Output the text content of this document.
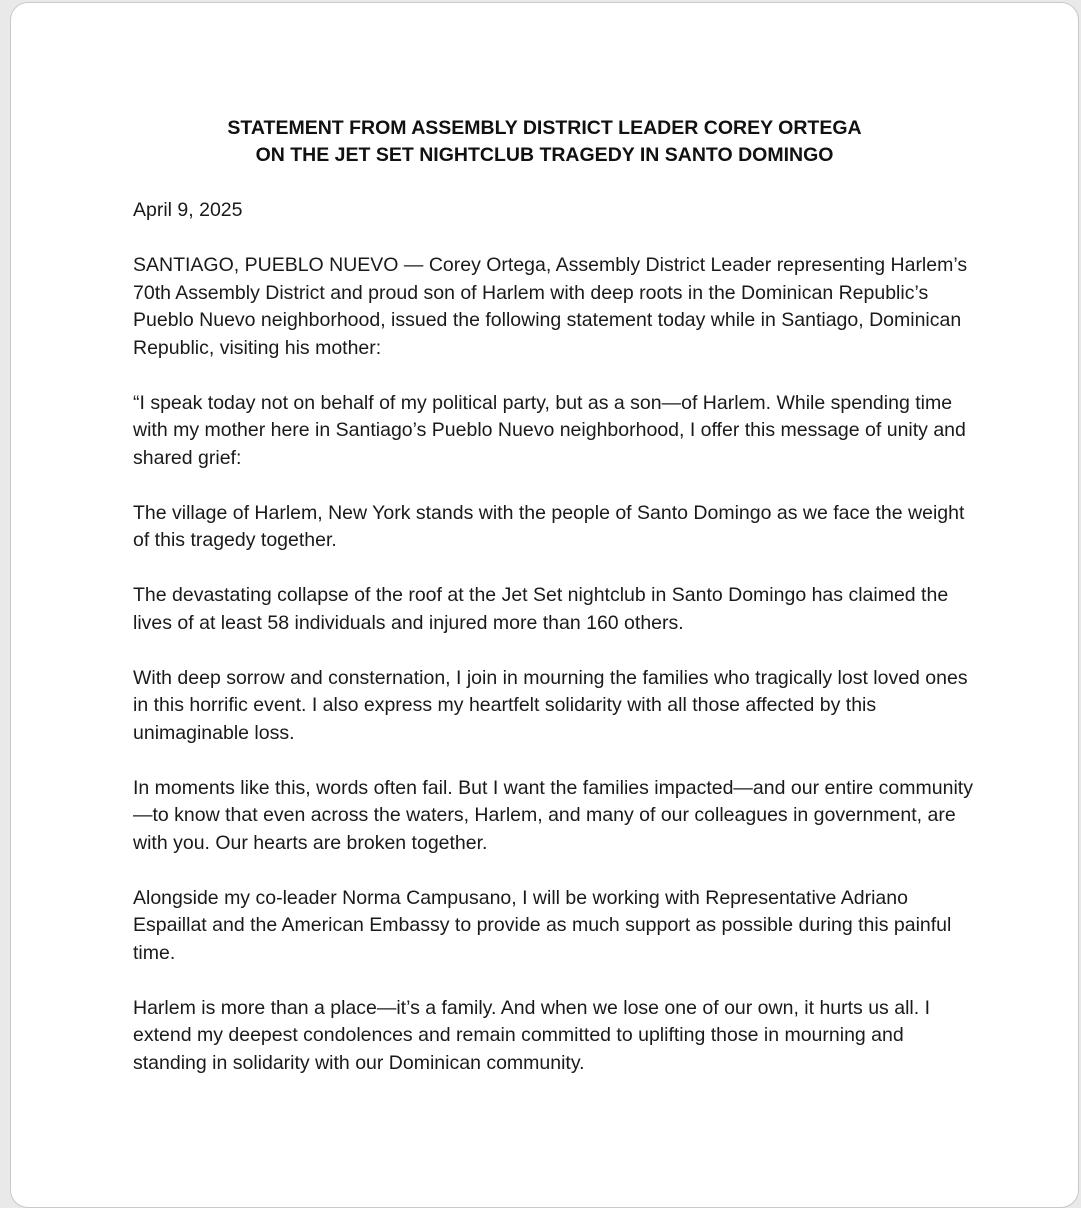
STATEMENT FROM ASSEMBLY DISTRICT LEADER COREY ORTEGA
ON THE JET SET NIGHTCLUB TRAGEDY IN SANTO DOMINGO

April 9, 2025

SANTIAGO, PUEBLO NUEVO — Corey Ortega, Assembly District Leader representing Harlem’s 70th Assembly District and proud son of Harlem with deep roots in the Dominican Republic’s Pueblo Nuevo neighborhood, issued the following statement today while in Santiago, Dominican Republic, visiting his mother:

“I speak today not on behalf of my political party, but as a son—of Harlem. While spending time with my mother here in Santiago’s Pueblo Nuevo neighborhood, I offer this message of unity and shared grief:

The village of Harlem, New York stands with the people of Santo Domingo as we face the weight of this tragedy together.

The devastating collapse of the roof at the Jet Set nightclub in Santo Domingo has claimed the lives of at least 58 individuals and injured more than 160 others.

With deep sorrow and consternation, I join in mourning the families who tragically lost loved ones in this horrific event. I also express my heartfelt solidarity with all those affected by this unimaginable loss.

In moments like this, words often fail. But I want the families impacted—and our entire community—to know that even across the waters, Harlem, and many of our colleagues in government, are with you. Our hearts are broken together.

Alongside my co-leader Norma Campusano, I will be working with Representative Adriano Espaillat and the American Embassy to provide as much support as possible during this painful time.

Harlem is more than a place—it’s a family. And when we lose one of our own, it hurts us all. I extend my deepest condolences and remain committed to uplifting those in mourning and standing in solidarity with our Dominican community.
